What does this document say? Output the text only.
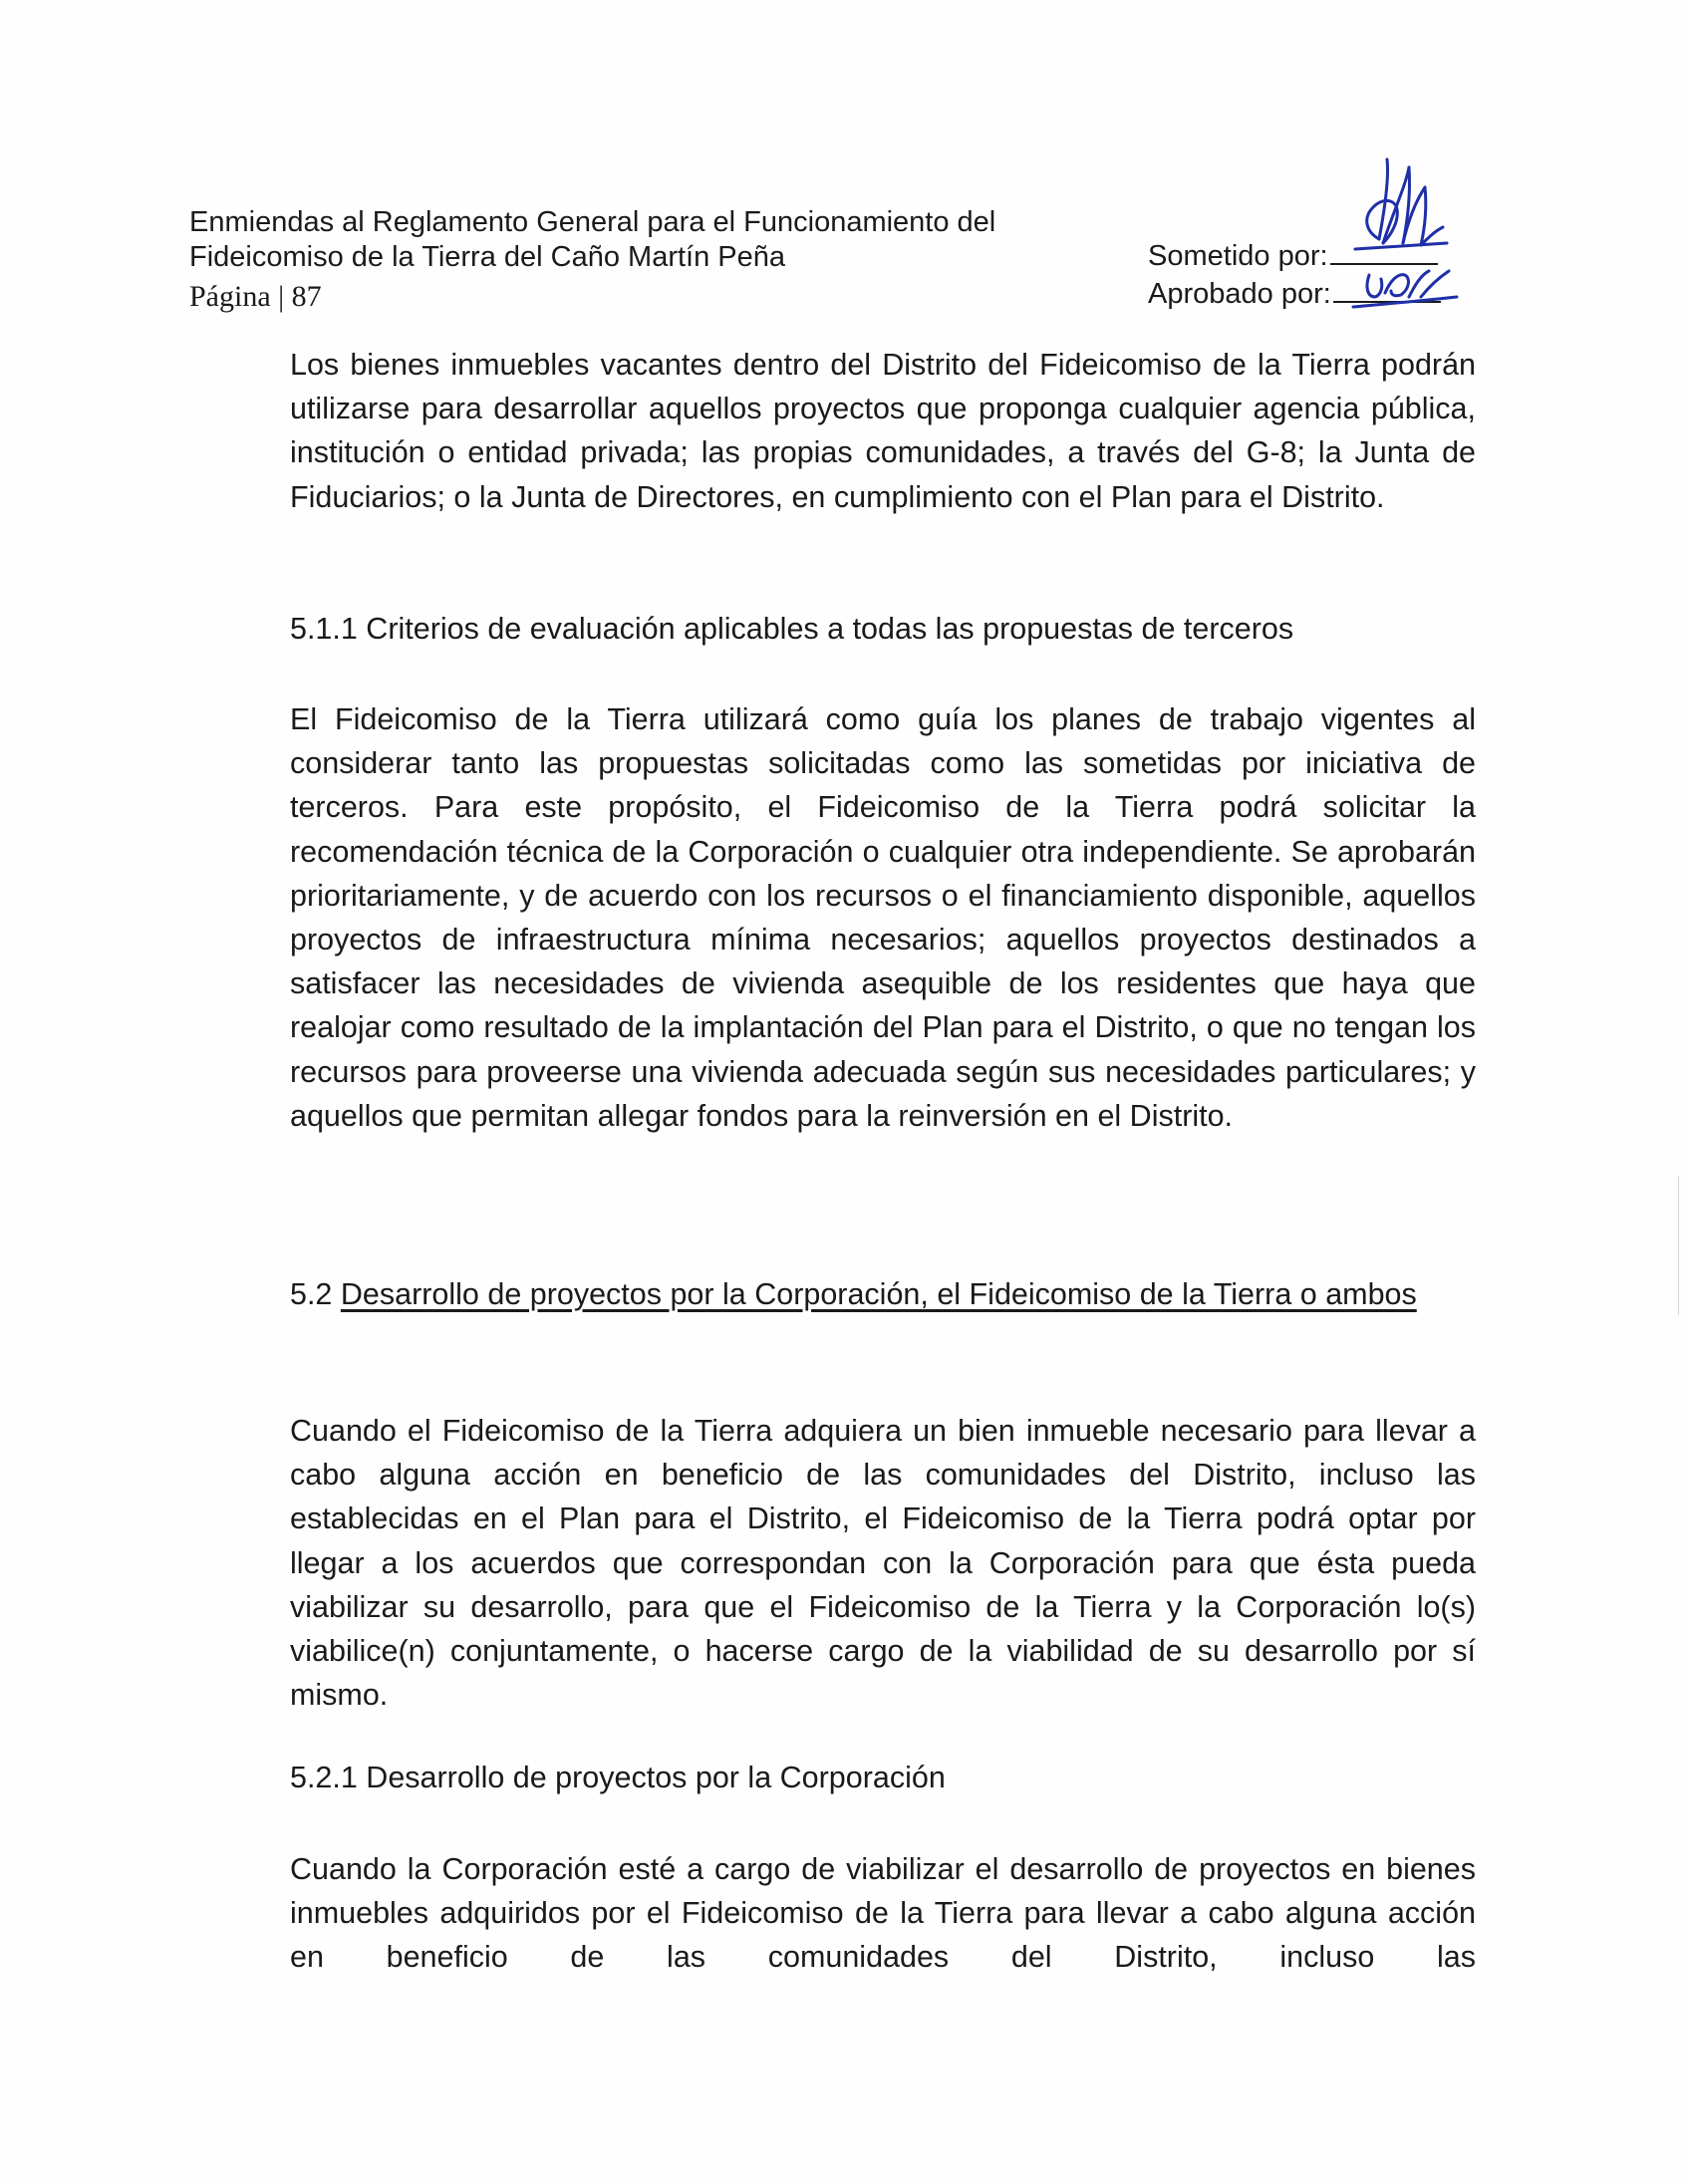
Enmiendas al Reglamento General para el Funcionamiento del
Fideicomiso de la Tierra del Caño Martín Peña
Página | 87
Sometido por:
Aprobado por:
Los bienes inmuebles vacantes dentro del Distrito del Fideicomiso de la Tierra podrán utilizarse para desarrollar aquellos proyectos que proponga cualquier agencia pública, institución o entidad privada; las propias comunidades, a través del G-8; la Junta de Fiduciarios; o la Junta de Directores, en cumplimiento con el Plan para el Distrito.
5.1.1 Criterios de evaluación aplicables a todas las propuestas de terceros
El Fideicomiso de la Tierra utilizará como guía los planes de trabajo vigentes al considerar tanto las propuestas solicitadas como las sometidas por iniciativa de terceros. Para este propósito, el Fideicomiso de la Tierra podrá solicitar la recomendación técnica de la Corporación o cualquier otra independiente. Se aprobarán prioritariamente, y de acuerdo con los recursos o el financiamiento disponible, aquellos proyectos de infraestructura mínima necesarios; aquellos proyectos destinados a satisfacer las necesidades de vivienda asequible de los residentes que haya que realojar como resultado de la implantación del Plan para el Distrito, o que no tengan los recursos para proveerse una vivienda adecuada según sus necesidades particulares; y aquellos que permitan allegar fondos para la reinversión en el Distrito.
5.2 Desarrollo de proyectos por la Corporación, el Fideicomiso de la Tierra o ambos
Cuando el Fideicomiso de la Tierra adquiera un bien inmueble necesario para llevar a cabo alguna acción en beneficio de las comunidades del Distrito, incluso las establecidas en el Plan para el Distrito, el Fideicomiso de la Tierra podrá optar por llegar a los acuerdos que correspondan con la Corporación para que ésta pueda viabilizar su desarrollo, para que el Fideicomiso de la Tierra y la Corporación lo(s) viabilice(n) conjuntamente, o hacerse cargo de la viabilidad de su desarrollo por sí mismo.
5.2.1 Desarrollo de proyectos por la Corporación
Cuando la Corporación esté a cargo de viabilizar el desarrollo de proyectos en bienes inmuebles adquiridos por el Fideicomiso de la Tierra para llevar a cabo alguna acción en beneficio de las comunidades del Distrito, incluso las
